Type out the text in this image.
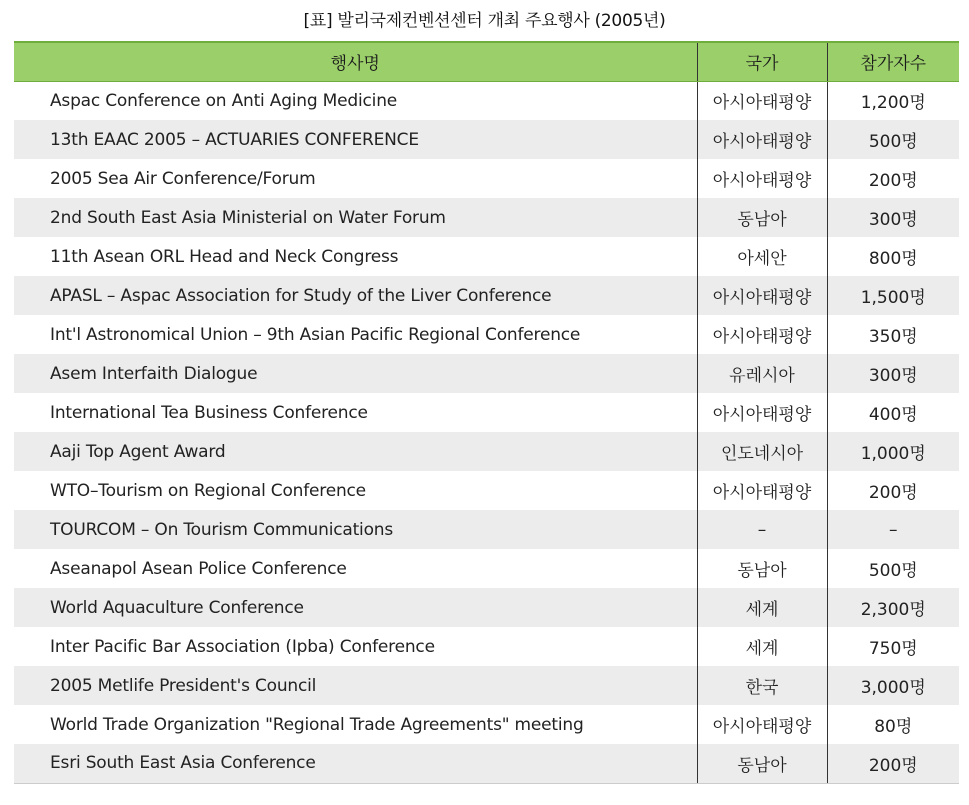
[표] 발리국제컨벤션센터 개최 주요행사 (2005년)
행사명	국가	참가자수
Aspac Conference on Anti Aging Medicine	아시아태평양	1,200명
13th EAAC 2005 – ACTUARIES CONFERENCE	아시아태평양	500명
2005 Sea Air Conference/Forum	아시아태평양	200명
2nd South East Asia Ministerial on Water Forum	동남아	300명
11th Asean ORL Head and Neck Congress	아세안	800명
APASL – Aspac Association for Study of the Liver Conference	아시아태평양	1,500명
Int'l Astronomical Union – 9th Asian Pacific Regional Conference	아시아태평양	350명
Asem Interfaith Dialogue	유레시아	300명
International Tea Business Conference	아시아태평양	400명
Aaji Top Agent Award	인도네시아	1,000명
WTO–Tourism on Regional Conference	아시아태평양	200명
TOURCOM – On Tourism Communications	–	–
Aseanapol Asean Police Conference	동남아	500명
World Aquaculture Conference	세계	2,300명
Inter Pacific Bar Association (Ipba) Conference	세계	750명
2005 Metlife President's Council	한국	3,000명
World Trade Organization "Regional Trade Agreements" meeting	아시아태평양	80명
Esri South East Asia Conference	동남아	200명
